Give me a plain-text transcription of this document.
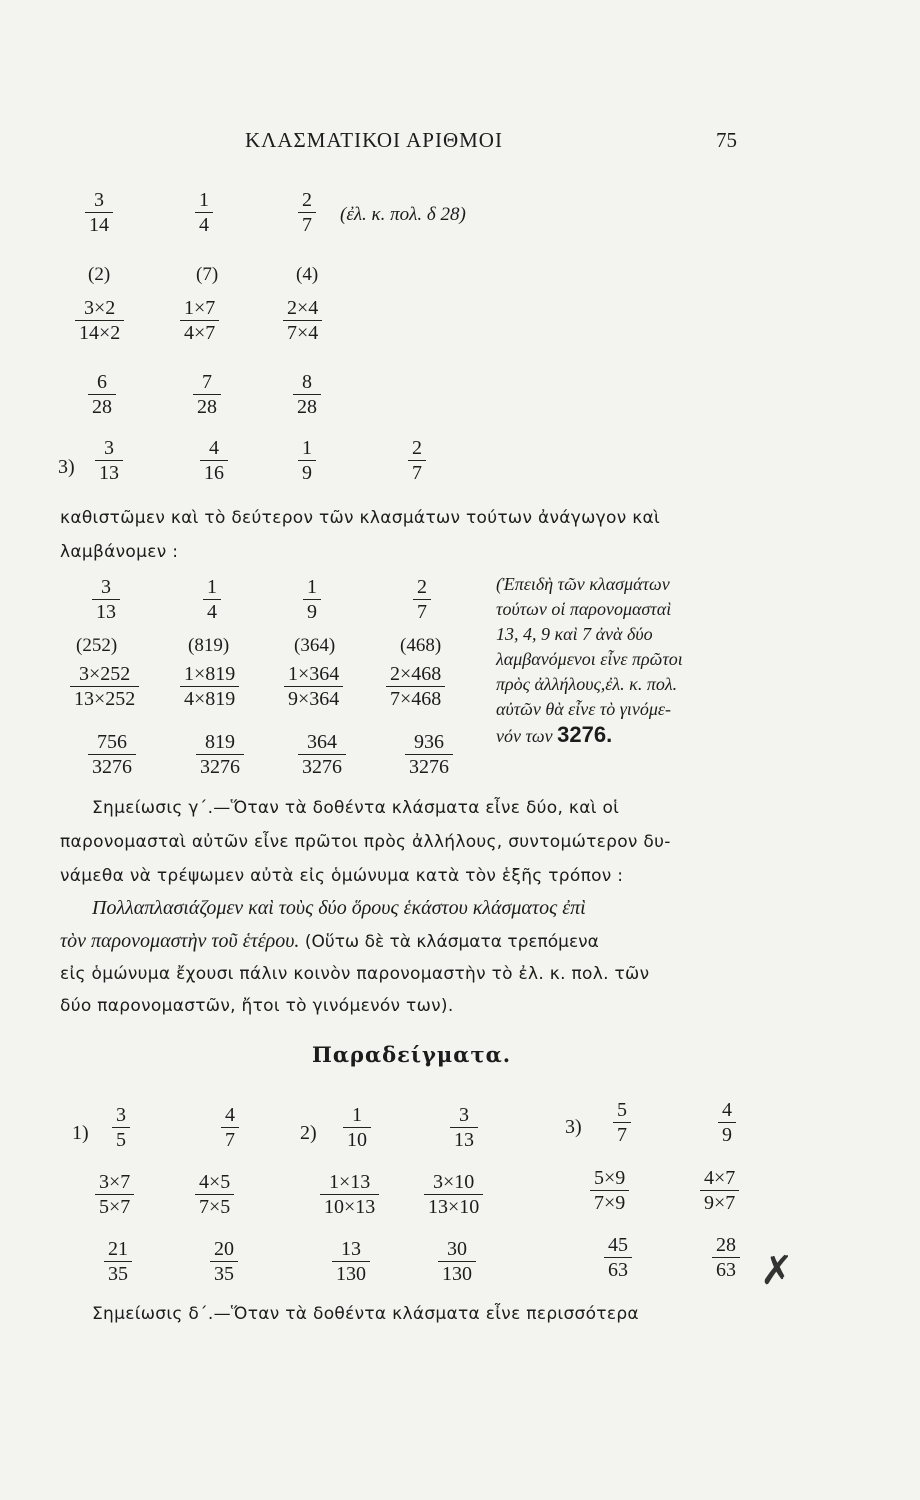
ΚΛΑΣΜΑΤΙΚΟΙ ΑΡΙΘΜΟΙ	75
$\frac{3}{14}$	$\frac{1}{4}$	$\frac{2}{7}$ (ἐλ. κ. πολ. δ 28)
(2)	(7)	(4)
$\frac{3\times 2}{14\times 2}$	$\frac{1\times 7}{4\times 7}$	$\frac{2\times 4}{7\times 4}$
$\frac{6}{28}$	$\frac{7}{28}$	$\frac{8}{28}$
$3) \frac{3}{13}$	$\frac{4}{16}$	$\frac{1}{9}$	$\frac{2}{7}$
καθιστῶμεν καὶ τὸ δεύτερον τῶν κλασμάτων τούτων ἀνάγωγον καὶ
λαμβάνομεν :
$\frac{3}{13}$	$\frac{1}{4}$	$\frac{1}{9}$	$\frac{2}{7}$
(252)	(819)	(364)	(468)
$\frac{3\times 252}{13\times 252} \frac{1\times 819}{4\times 819} \frac{1\times 364}{9\times 364} \frac{2\times 468}{7\times 468}$
$\frac{756}{3276}$	$\frac{819}{3276}$	$\frac{364}{3276}$	$\frac{936}{3276}$
(Ἐπειδὴ τῶν κλασμάτων
τούτων οἱ παρονομασταὶ
13, 4, 9 καὶ 7 ἀνὰ δύο
λαμβανόμενοι εἶνε πρῶτοι
πρὸς ἀλλήλους,ἐλ. κ. πολ.
αὐτῶν θὰ εἶνε τὸ γινόμε-
νόν των 3276.
Σημείωσις γ΄.—Ὅταν τὰ δοθέντα κλάσματα εἶνε δύο, καὶ οἱ
παρονομασταὶ αὐτῶν εἶνε πρῶτοι πρὸς ἀλλήλους, συντομώτερον δυ-
νάμεθα νὰ τρέψωμεν αὐτὰ εἰς ὁμώνυμα κατὰ τὸν ἑξῆς τρόπον :
Πολλαπλασιάζομεν καὶ τοὺς δύο ὅρους ἑκάστου κλάσματος ἐπὶ
τὸν παρονομαστὴν τοῦ ἑτέρου. (Οὕτω δὲ τὰ κλάσματα τρεπόμενα
εἰς ὁμώνυμα ἔχουσι πάλιν κοινὸν παρονομαστὴν τὸ ἐλ. κ. πολ. τῶν
δύο παρονομαστῶν, ἤτοι τὸ γινόμενόν των).
Παραδείγματα.
1)	2)	3)
$\frac{3}{5}$	$\frac{4}{7}$	$\frac{1}{10}$	$\frac{3}{13}$	$\frac{5}{7}$	$\frac{4}{9}$
$\frac{3\times 7}{5\times 7}$	$\frac{4\times 5}{7\times 5}$	$\frac{1\times 13}{10\times 13} \frac{3\times 10}{13\times 10}$	$\frac{5\times 9}{7\times 9}$	$\frac{4\times 7}{9\times 7}$
$\frac{21}{35}$	$\frac{20}{35}$	$\frac{13}{130}$	$\frac{30}{130}$	$\frac{45}{63}$	$\frac{28}{63}$
Σημείωσις δ΄.—Ὅταν τὰ δοθέντα κλάσματα εἶνε περισσότερα
✗
